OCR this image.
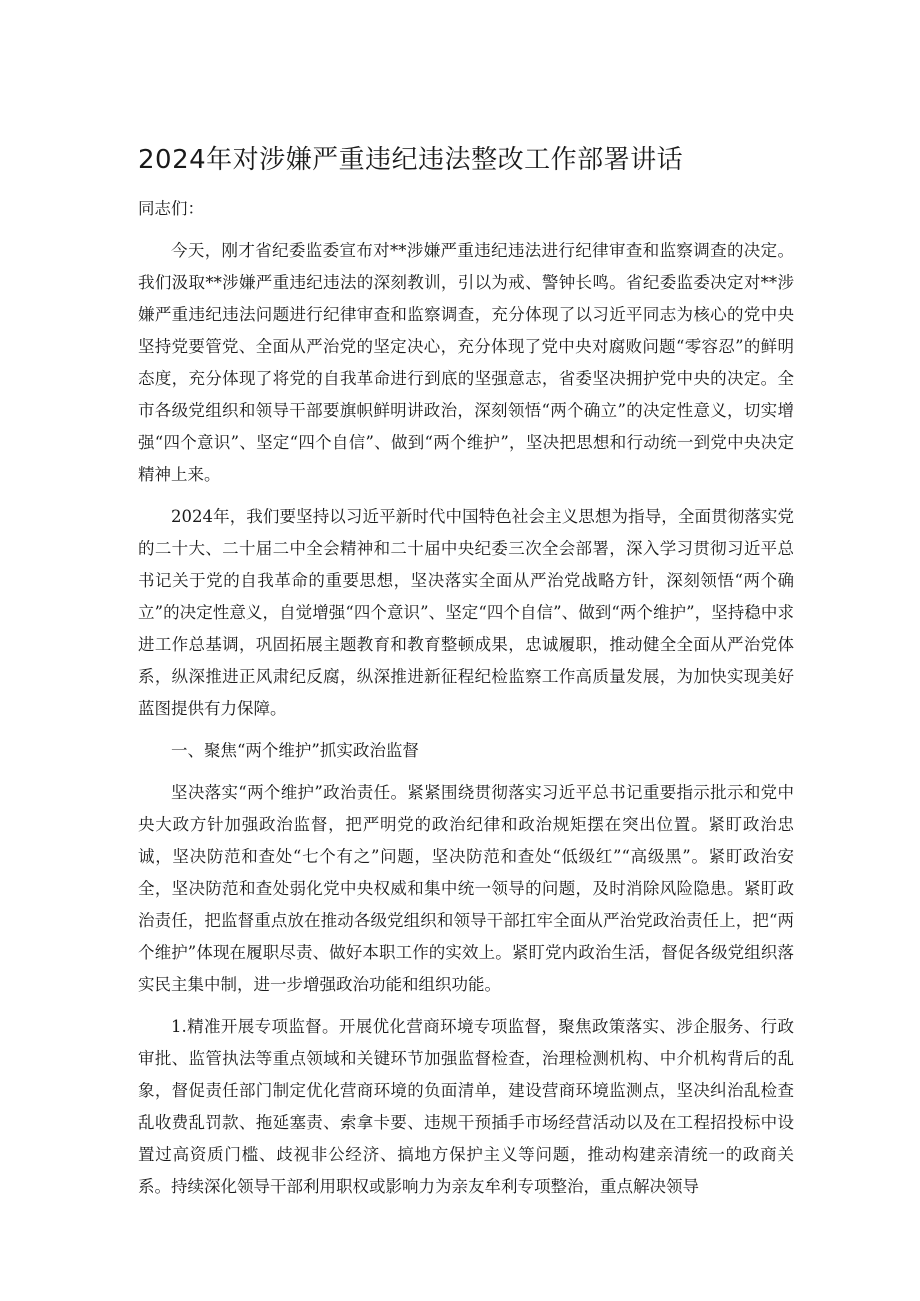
2024年对涉嫌严重违纪违法整改工作部署讲话

同志们：

今天，刚才省纪委监委宣布对**涉嫌严重违纪违法进行纪律审查和监察调查的决定。我们汲取**涉嫌严重违纪违法的深刻教训，引以为戒、警钟长鸣。省纪委监委决定对**涉嫌严重违纪违法问题进行纪律审查和监察调查，充分体现了以习近平同志为核心的党中央坚持党要管党、全面从严治党的坚定决心，充分体现了党中央对腐败问题“零容忍”的鲜明态度，充分体现了将党的自我革命进行到底的坚强意志，省委坚决拥护党中央的决定。全市各级党组织和领导干部要旗帜鲜明讲政治，深刻领悟“两个确立”的决定性意义，切实增强“四个意识”、坚定“四个自信”、做到“两个维护”，坚决把思想和行动统一到党中央决定精神上来。

2024年，我们要坚持以习近平新时代中国特色社会主义思想为指导，全面贯彻落实党的二十大、二十届二中全会精神和二十届中央纪委三次全会部署，深入学习贯彻习近平总书记关于党的自我革命的重要思想，坚决落实全面从严治党战略方针，深刻领悟“两个确立”的决定性意义，自觉增强“四个意识”、坚定“四个自信”、做到“两个维护”，坚持稳中求进工作总基调，巩固拓展主题教育和教育整顿成果，忠诚履职，推动健全全面从严治党体系，纵深推进正风肃纪反腐，纵深推进新征程纪检监察工作高质量发展，为加快实现美好蓝图提供有力保障。

一、聚焦“两个维护”抓实政治监督

坚决落实“两个维护”政治责任。紧紧围绕贯彻落实习近平总书记重要指示批示和党中央大政方针加强政治监督，把严明党的政治纪律和政治规矩摆在突出位置。紧盯政治忠诚，坚决防范和查处“七个有之”问题，坚决防范和查处“低级红”“高级黑”。紧盯政治安全，坚决防范和查处弱化党中央权威和集中统一领导的问题，及时消除风险隐患。紧盯政治责任，把监督重点放在推动各级党组织和领导干部扛牢全面从严治党政治责任上，把“两个维护”体现在履职尽责、做好本职工作的实效上。紧盯党内政治生活，督促各级党组织落实民主集中制，进一步增强政治功能和组织功能。

1.精准开展专项监督。开展优化营商环境专项监督，聚焦政策落实、涉企服务、行政审批、监管执法等重点领域和关键环节加强监督检查，治理检测机构、中介机构背后的乱象，督促责任部门制定优化营商环境的负面清单，建设营商环境监测点，坚决纠治乱检查乱收费乱罚款、拖延塞责、索拿卡要、违规干预插手市场经营活动以及在工程招投标中设置过高资质门槛、歧视非公经济、搞地方保护主义等问题，推动构建亲清统一的政商关系。持续深化领导干部利用职权或影响力为亲友牟利专项整治，重点解决领导
